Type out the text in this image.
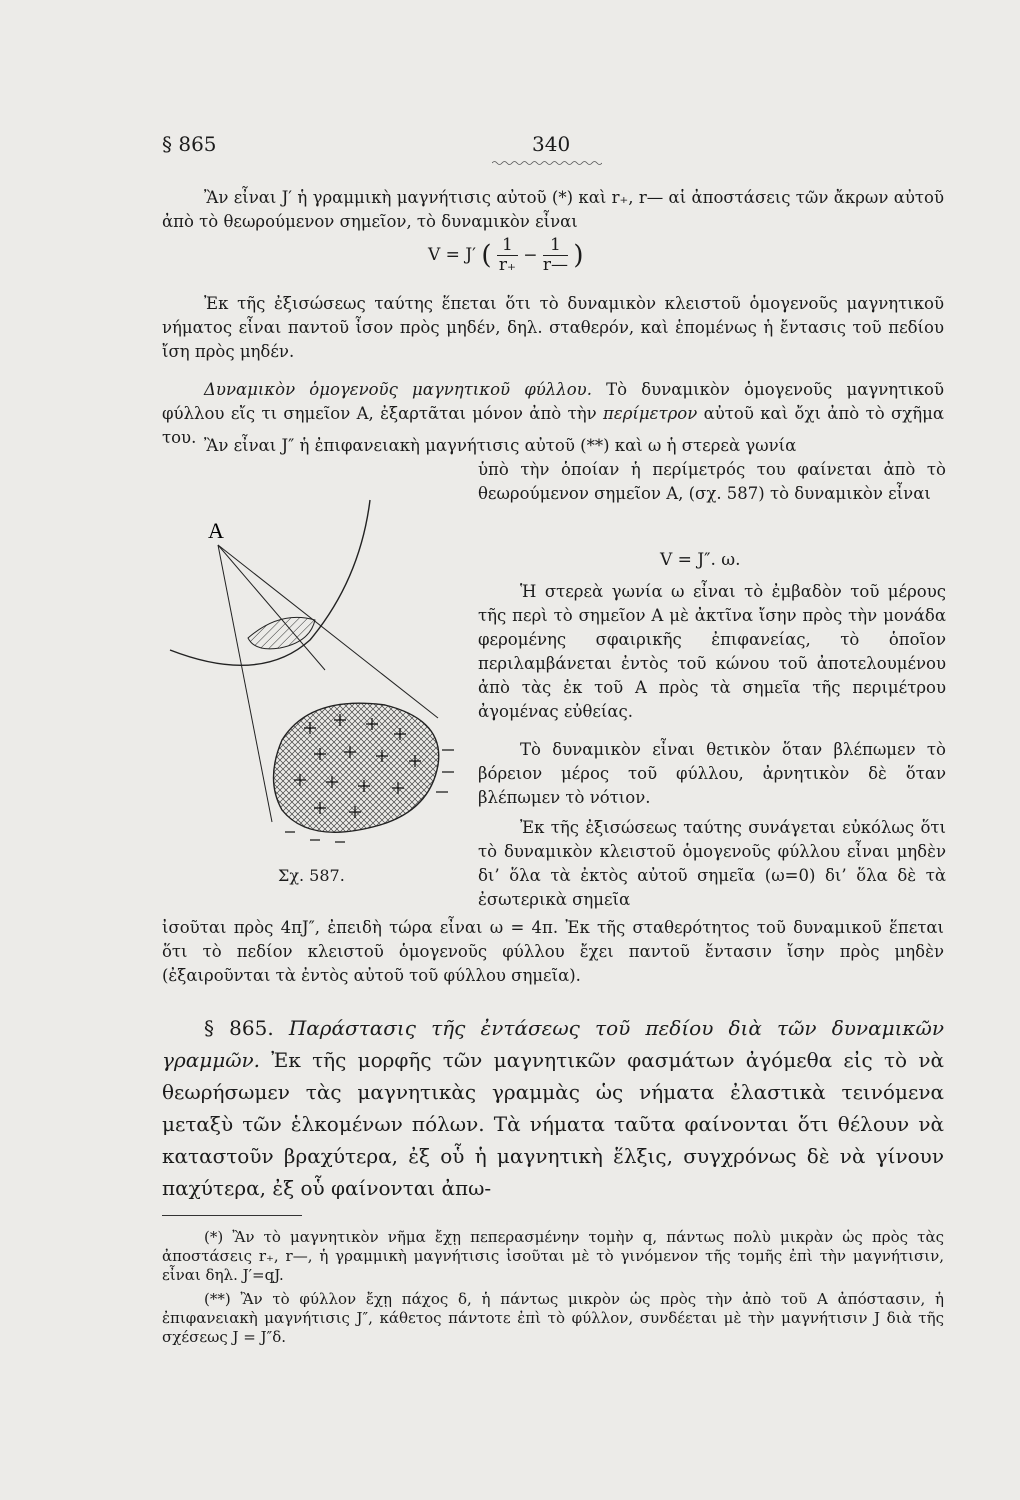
§ 865	340

Ἂν εἶναι J′ ἡ γραμμικὴ μαγνήτισις αὐτοῦ (*) καὶ r₊, r— αἱ ἀποστάσεις τῶν ἄκρων αὐτοῦ ἀπὸ τὸ θεωρούμενον σημεῖον, τὸ δυναμικὸν εἶναι

V = J′ ( $\frac{1}{r_+} - \frac{1}{r—}$ )

Ἐκ τῆς ἐξισώσεως ταύτης ἕπεται ὅτι τὸ δυναμικὸν κλειστοῦ ὁμογενοῦς μαγνητικοῦ νήματος εἶναι παντοῦ ἶσον πρὸς μηδέν, δηλ. σταθερόν, καὶ ἑπομένως ἡ ἔντασις τοῦ πεδίου ἴση πρὸς μηδέν.

Δυναμικὸν ὁμογενοῦς μαγνητικοῦ φύλλου. Τὸ δυναμικὸν ὁμογενοῦς μαγνητικοῦ φύλλου εἴς τι σημεῖον Α, ἐξαρτᾶται μόνον ἀπὸ τὴν περίμετρον αὐτοῦ καὶ ὄχι ἀπὸ τὸ σχῆμα του. Ἂν εἶναι J″ ἡ ἐπιφανειακὴ μαγνήτισις αὐτοῦ (**) καὶ ω ἡ στερεὰ γωνία

ὑπὸ τὴν ὁποίαν ἡ περίμετρός του φαίνεται ἀπὸ τὸ θεωρούμενον σημεῖον Α, (σχ. 587) τὸ δυναμικὸν εἶναι

V = J″. ω.

Ἡ στερεὰ γωνία ω εἶναι τὸ ἐμβαδὸν τοῦ μέρους τῆς περὶ τὸ σημεῖον Α μὲ ἀκτῖνα ἴσην πρὸς τὴν μονάδα φερομένης σφαιρικῆς ἐπιφανείας, τὸ ὁποῖον περιλαμβάνεται ἐντὸς τοῦ κώνου τοῦ ἀποτελουμένου ἀπὸ τὰς ἐκ τοῦ Α πρὸς τὰ σημεῖα τῆς περιμέτρου ἀγομένας εὐθείας.

Τὸ δυναμικὸν εἶναι θετικὸν ὅταν βλέπωμεν τὸ βόρειον μέρος τοῦ φύλλου, ἀρνητικὸν δὲ ὅταν βλέπωμεν τὸ νότιον.

Ἐκ τῆς ἐξισώσεως ταύτης συνάγεται εὐκόλως ὅτι τὸ δυναμικὸν κλειστοῦ ὁμογενοῦς φύλλου εἶναι μηδὲν δι’ ὅλα τὰ ἐκτὸς αὐτοῦ σημεῖα (ω=0) δι’ ὅλα δὲ τὰ ἐσωτερικὰ σημεῖα

ἰσοῦται πρὸς 4πJ″, ἐπειδὴ τώρα εἶναι ω = 4π. Ἐκ τῆς σταθερότητος τοῦ δυναμικοῦ ἕπεται ὅτι τὸ πεδίον κλειστοῦ ὁμογενοῦς φύλλου ἔχει παντοῦ ἔντασιν ἴσην πρὸς μηδὲν (ἐξαιροῦνται τὰ ἐντὸς αὐτοῦ τοῦ φύλλου σημεῖα).

Α
Σχ. 587.

§ 865. Παράστασις τῆς ἐντάσεως τοῦ πεδίου διὰ τῶν δυναμικῶν γραμμῶν. Ἐκ τῆς μορφῆς τῶν μαγνητικῶν φασμάτων ἀγόμεθα εἰς τὸ νὰ θεωρήσωμεν τὰς μαγνητικὰς γραμμὰς ὡς νήματα ἐλαστικὰ τεινόμενα μεταξὺ τῶν ἑλκομένων πόλων. Τὰ νήματα ταῦτα φαίνονται ὅτι θέλουν νὰ καταστοῦν βραχύτερα, ἐξ οὗ ἡ μαγνητικὴ ἕλξις, συγχρόνως δὲ νὰ γίνουν παχύτερα, ἐξ οὗ φαίνονται ἀπω-

(*) Ἂν τὸ μαγνητικὸν νῆμα ἔχῃ πεπερασμένην τομὴν q, πάντως πολὺ μικρὰν ὡς πρὸς τὰς ἀποστάσεις r₊, r—, ἡ γραμμικὴ μαγνήτισις ἰσοῦται μὲ τὸ γινόμενον τῆς τομῆς ἐπὶ τὴν μαγνήτισιν, εἶναι δηλ. J′=qJ.

(**) Ἂν τὸ φύλλον ἔχῃ πάχος δ, ἡ πάντως μικρὸν ὡς πρὸς τὴν ἀπὸ τοῦ Α ἀπόστασιν, ἡ ἐπιφανειακὴ μαγνήτισις J″, κάθετος πάντοτε ἐπὶ τὸ φύλλον, συνδέεται μὲ τὴν μαγνήτισιν J διὰ τῆς σχέσεως J = J″δ.
